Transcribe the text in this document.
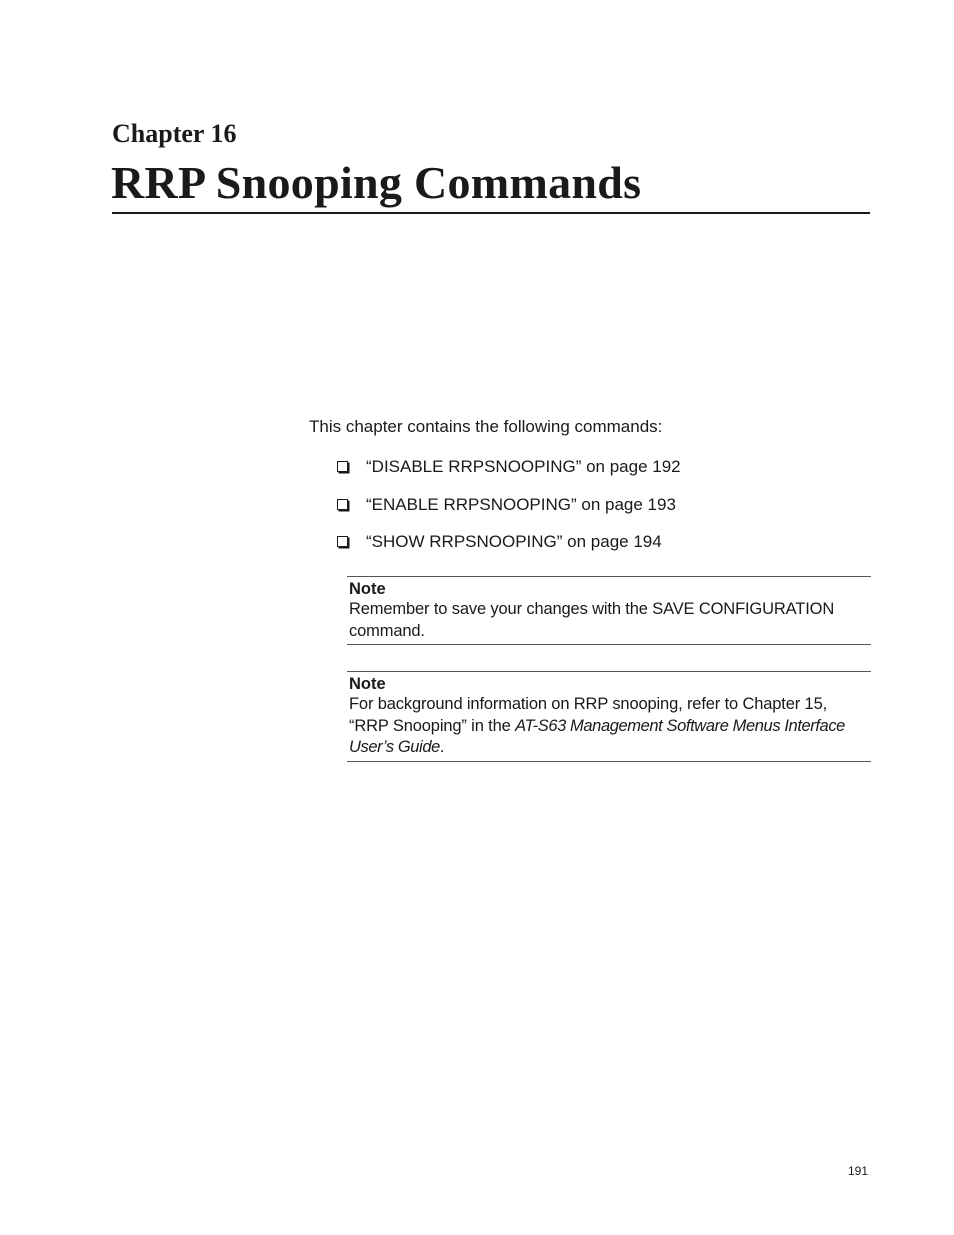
Chapter 16
RRP Snooping Commands
This chapter contains the following commands:
“DISABLE RRPSNOOPING” on page 192
“ENABLE RRPSNOOPING” on page 193
“SHOW RRPSNOOPING” on page 194

Note

Remember to save your changes with the SAVE CONFIGURATION
command.

Note

For background information on RRP snooping, refer to Chapter 15,
“RRP Snooping” in the AT-S63 Management Software Menus Interface
User’s Guide.

191
